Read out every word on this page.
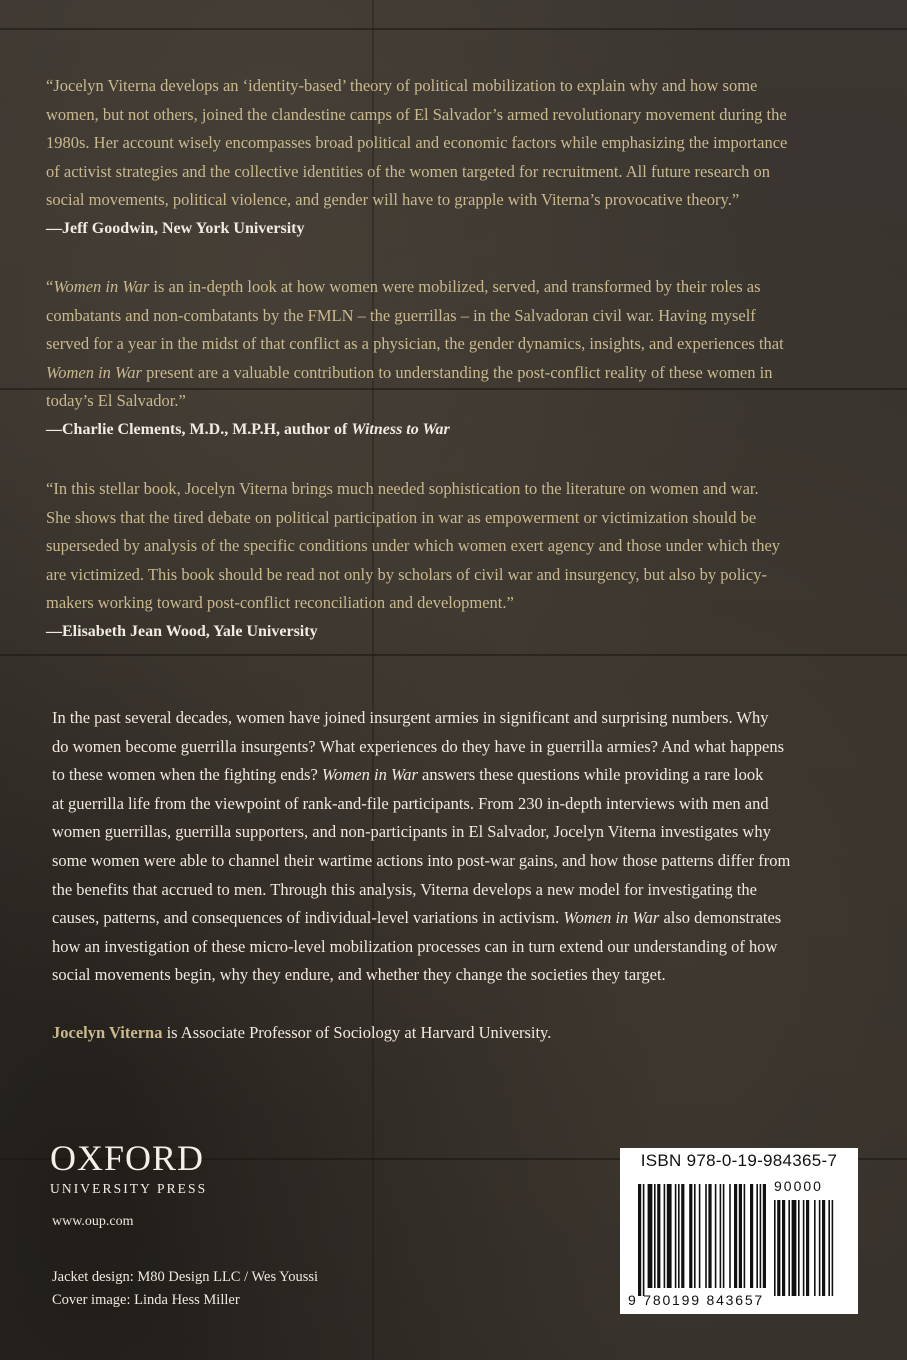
“Jocelyn Viterna develops an ‘identity-based’ theory of political mobilization to explain why and how some

women, but not others, joined the clandestine camps of El Salvador’s armed revolutionary movement during the

1980s. Her account wisely encompasses broad political and economic factors while emphasizing the importance

of activist strategies and the collective identities of the women targeted for recruitment. All future research on

social movements, political violence, and gender will have to grapple with Viterna’s provocative theory.”

—Jeff Goodwin, New York University

“Women in War is an in-depth look at how women were mobilized, served, and transformed by their roles as

combatants and non-combatants by the FMLN – the guerrillas – in the Salvadoran civil war. Having myself

served for a year in the midst of that conflict as a physician, the gender dynamics, insights, and experiences that

Women in War present are a valuable contribution to understanding the post-conflict reality of these women in

today’s El Salvador.”

—Charlie Clements, M.D., M.P.H, author of Witness to War

“In this stellar book, Jocelyn Viterna brings much needed sophistication to the literature on women and war.

She shows that the tired debate on political participation in war as empowerment or victimization should be

superseded by analysis of the specific conditions under which women exert agency and those under which they

are victimized. This book should be read not only by scholars of civil war and insurgency, but also by policy-

makers working toward post-conflict reconciliation and development.”

—Elisabeth Jean Wood, Yale University
In the past several decades, women have joined insurgent armies in significant and surprising numbers. Why
do women become guerrilla insurgents? What experiences do they have in guerrilla armies? And what happens
to these women when the fighting ends? Women in War answers these questions while providing a rare look
at guerrilla life from the viewpoint of rank-and-file participants. From 230 in-depth interviews with men and
women guerrillas, guerrilla supporters, and non-participants in El Salvador, Jocelyn Viterna investigates why
some women were able to channel their wartime actions into post-war gains, and how those patterns differ from
the benefits that accrued to men. Through this analysis, Viterna develops a new model for investigating the
causes, patterns, and consequences of individual-level variations in activism. Women in War also demonstrates
how an investigation of these micro-level mobilization processes can in turn extend our understanding of how
social movements begin, why they endure, and whether they change the societies they target.
Jocelyn Viterna is Associate Professor of Sociology at Harvard University.
OXFORD
UNIVERSITY PRESS
www.oup.com
Jacket design: M80 Design LLC / Wes Youssi
Cover image: Linda Hess Miller
ISBN 978-0-19-984365-7
90000
9 780199 843657
